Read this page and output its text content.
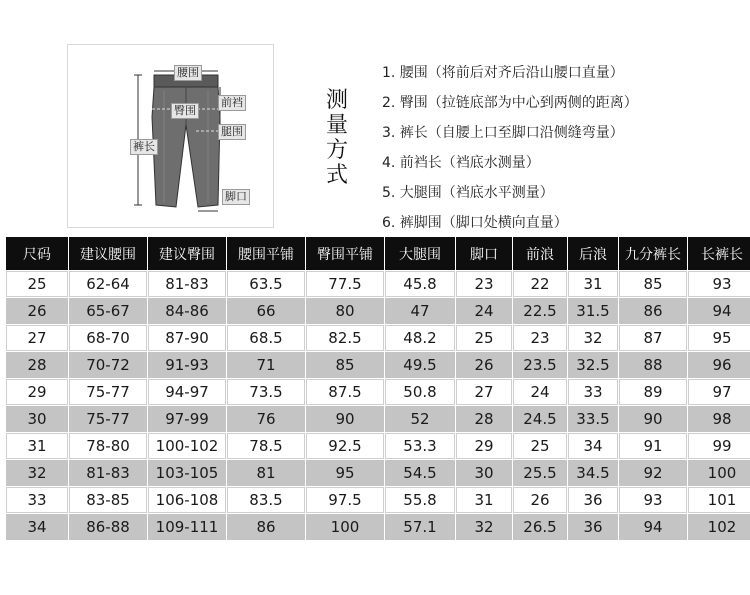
腰围
臀围
前裆
腿围
裤长
脚口
测
量
方
式
1. 腰围（将前后对齐后沿山腰口直量）
2. 臀围（拉链底部为中心到两侧的距离）
3. 裤长（自腰上口至脚口沿侧缝弯量）
4. 前裆长（裆底水测量）
5. 大腿围（裆底水平测量）
6. 裤脚围（脚口处横向直量）
尺码	建议腰围	建议臀围	腰围平铺	臀围平铺	大腿围	脚口	前浪	后浪	九分裤长	长裤长
25	62-64	81-83	63.5	77.5	45.8	23	22	31	85	93
26	65-67	84-86	66	80	47	24	22.5	31.5	86	94
27	68-70	87-90	68.5	82.5	48.2	25	23	32	87	95
28	70-72	91-93	71	85	49.5	26	23.5	32.5	88	96
29	75-77	94-97	73.5	87.5	50.8	27	24	33	89	97
30	75-77	97-99	76	90	52	28	24.5	33.5	90	98
31	78-80	100-102	78.5	92.5	53.3	29	25	34	91	99
32	81-83	103-105	81	95	54.5	30	25.5	34.5	92	100
33	83-85	106-108	83.5	97.5	55.8	31	26	36	93	101
34	86-88	109-111	86	100	57.1	32	26.5	36	94	102
